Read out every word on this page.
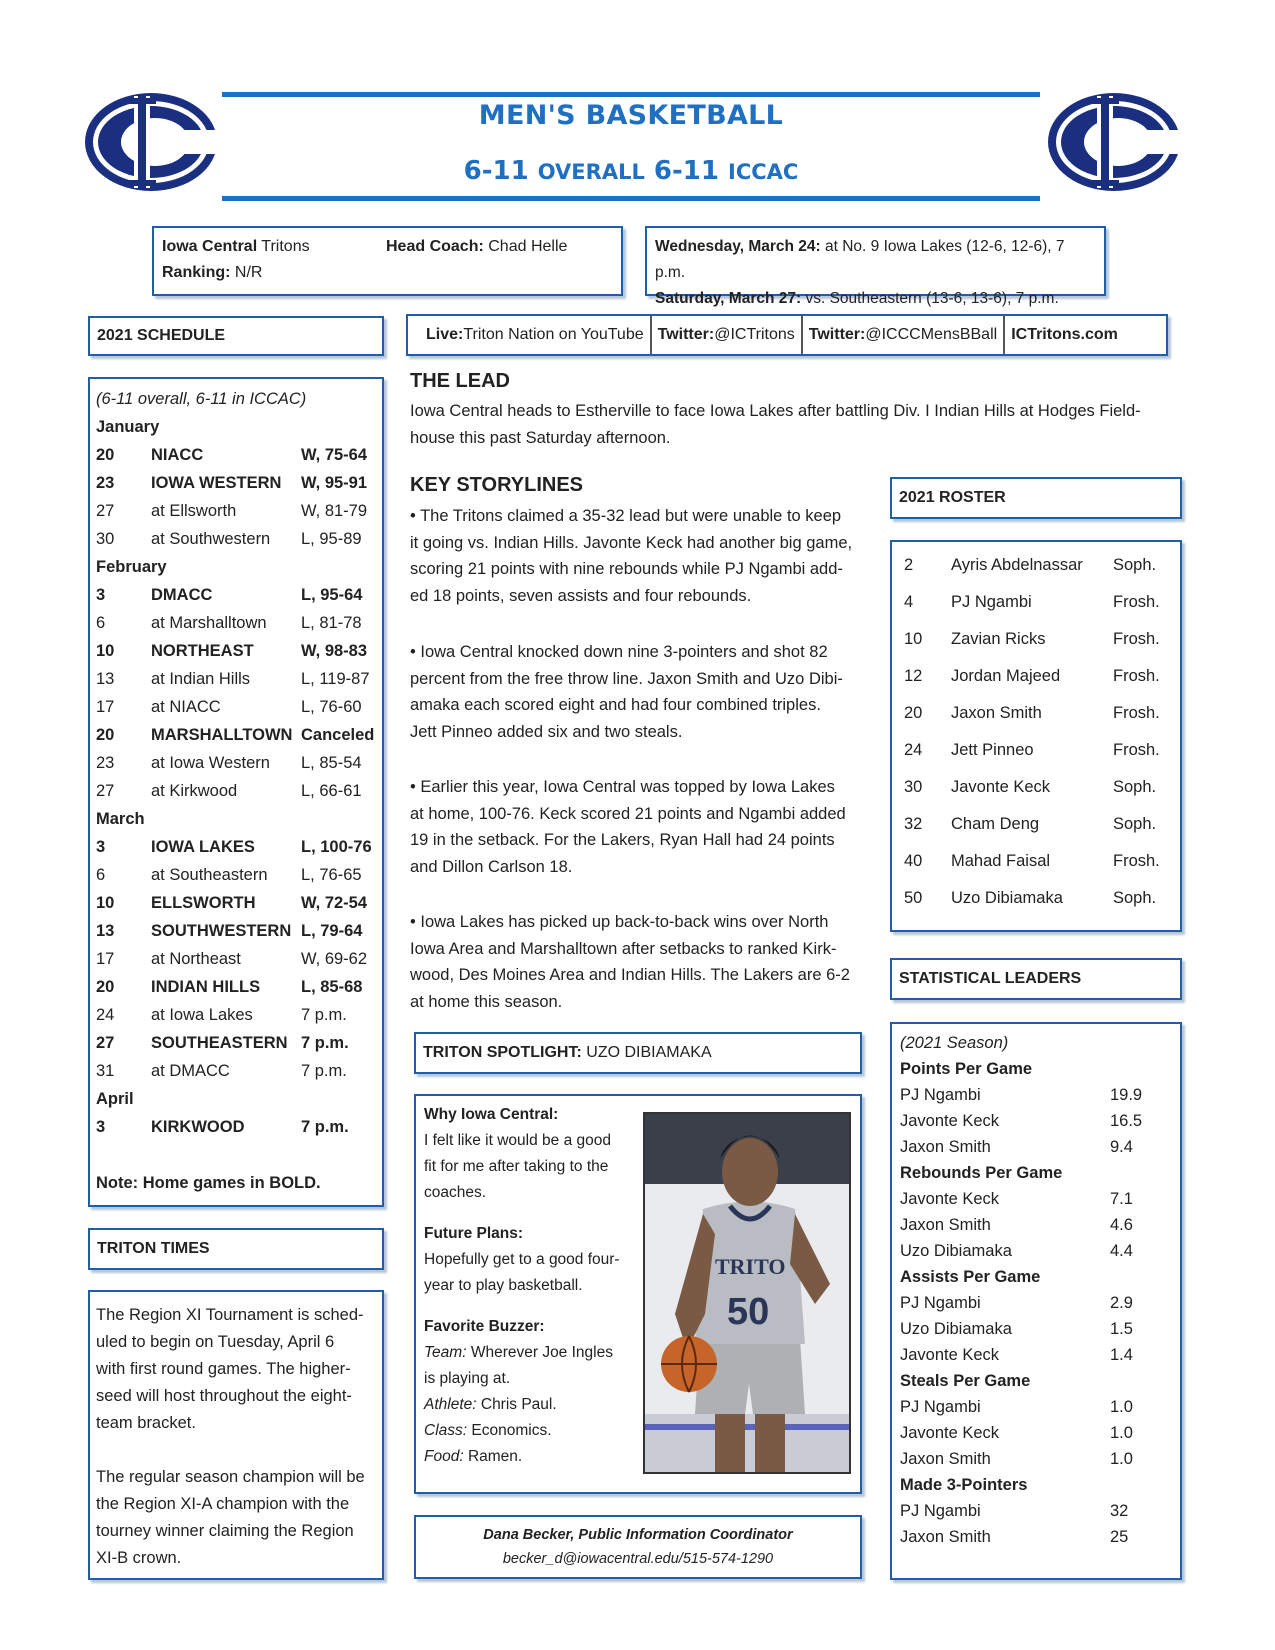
MEN'S BASKETBALL
6-11 OVERALL 6-11 ICCAC
Iowa Central Tritons	Head Coach: Chad Helle
Ranking: N/R
Wednesday, March 24: at No. 9 Iowa Lakes (12-6, 12-6), 7 p.m.
Saturday, March 27: vs. Southeastern (13-6, 13-6), 7 p.m.
2021 SCHEDULE
(6-11 overall, 6-11 in ICCAC)
January
20	NIACC	W, 75-64
23	IOWA WESTERN	W, 95-91
27	at Ellsworth	W, 81-79
30	at Southwestern	L, 95-89
February
3	DMACC	L, 95-64
6	at Marshalltown	L, 81-78
10	NORTHEAST	W, 98-83
13	at Indian Hills	L, 119-87
17	at NIACC	L, 76-60
20	MARSHALLTOWN Canceled
23	at Iowa Western	L, 85-54
27	at Kirkwood	L, 66-61
March
3	IOWA LAKES	L, 100-76
6	at Southeastern	L, 76-65
10	ELLSWORTH	W, 72-54
13	SOUTHWESTERN L, 79-64
17	at Northeast	W, 69-62
20	INDIAN HILLS	L, 85-68
24	at Iowa Lakes	7 p.m.
27	SOUTHEASTERN 7 p.m.
31	at DMACC	7 p.m.
April
3	KIRKWOOD	7 p.m.
Note: Home games in BOLD.
TRITON TIMES
The Region XI Tournament is sched-
uled to begin on Tuesday, April 6
with first round games. The higher-
seed will host throughout the eight-
team bracket.
The regular season champion will be
the Region XI-A champion with the
tourney winner claiming the Region
XI-B crown.
Live: Triton Nation on YouTube Twitter: @ICTritons Twitter: @ICCCMensBBall ICTritons.com
THE LEAD
Iowa Central heads to Estherville to face Iowa Lakes after battling Div. I Indian Hills at Hodges Field-
house this past Saturday afternoon.
KEY STORYLINES
• The Tritons claimed a 35-32 lead but were unable to keep
it going vs. Indian Hills. Javonte Keck had another big game,
scoring 21 points with nine rebounds while PJ Ngambi add-
ed 18 points, seven assists and four rebounds.
• Iowa Central knocked down nine 3-pointers and shot 82
percent from the free throw line. Jaxon Smith and Uzo Dibi-
amaka each scored eight and had four combined triples.
Jett Pinneo added six and two steals.
• Earlier this year, Iowa Central was topped by Iowa Lakes
at home, 100-76. Keck scored 21 points and Ngambi added
19 in the setback. For the Lakers, Ryan Hall had 24 points
and Dillon Carlson 18.
• Iowa Lakes has picked up back-to-back wins over North
Iowa Area and Marshalltown after setbacks to ranked Kirk-
wood, Des Moines Area and Indian Hills. The Lakers are 6-2
at home this season.
2021 ROSTER
2	Ayris Abdelnassar	Soph.
4	PJ Ngambi	Frosh.
10	Zavian Ricks	Frosh.
12	Jordan Majeed	Frosh.
20	Jaxon Smith	Frosh.
24	Jett Pinneo	Frosh.
30	Javonte Keck	Soph.
32	Cham Deng	Soph.
40	Mahad Faisal	Frosh.
50	Uzo Dibiamaka	Soph.
STATISTICAL LEADERS
(2021 Season)
Points Per Game
PJ Ngambi	19.9
Javonte Keck	16.5
Jaxon Smith	9.4
Rebounds Per Game
Javonte Keck	7.1
Jaxon Smith	4.6
Uzo Dibiamaka	4.4
Assists Per Game
PJ Ngambi	2.9
Uzo Dibiamaka	1.5
Javonte Keck	1.4
Steals Per Game
PJ Ngambi	1.0
Javonte Keck	1.0
Jaxon Smith	1.0
Made 3-Pointers
PJ Ngambi	32
Jaxon Smith	25
TRITON SPOTLIGHT: UZO DIBIAMAKA
Why Iowa Central:
I felt like it would be a good
fit for me after taking to the
coaches.
Future Plans:
Hopefully get to a good four-
year to play basketball.
Favorite Buzzer:
Team: Wherever Joe Ingles
is playing at.
Athlete: Chris Paul.
Class: Economics.
Food: Ramen.
TRITO
50
Dana Becker, Public Information Coordinator
becker_d@iowacentral.edu/515-574-1290
